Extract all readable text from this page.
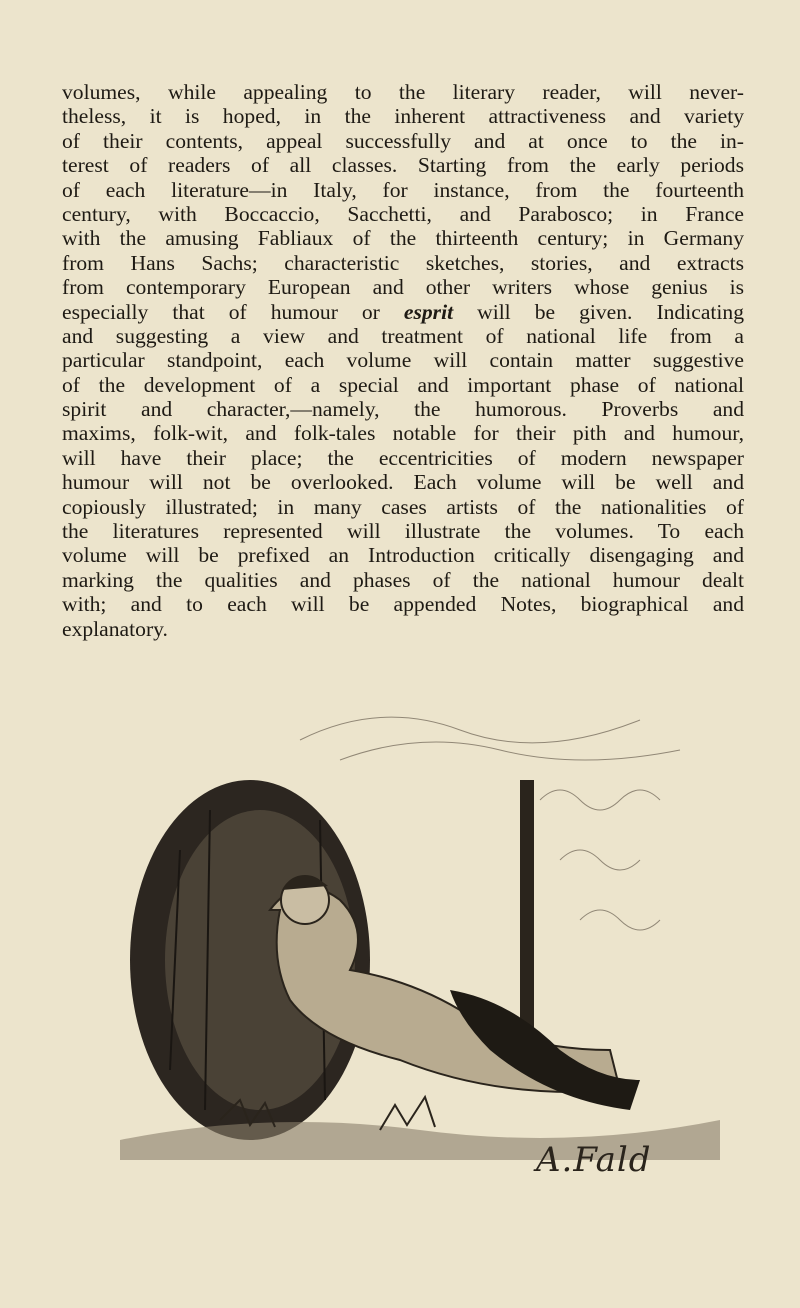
volumes, while appealing to the literary reader, will never-
theless, it is hoped, in the inherent attractiveness and variety
of their contents, appeal successfully and at once to the in-
terest of readers of all classes. Starting from the early periods
of each literature—in Italy, for instance, from the fourteenth
century, with Boccaccio, Sacchetti, and Parabosco; in France
with the amusing Fabliaux of the thirteenth century; in Germany
from Hans Sachs; characteristic sketches, stories, and extracts
from contemporary European and other writers whose genius is
especially that of humour or esprit will be given. Indicating
and suggesting a view and treatment of national life from a
particular standpoint, each volume will contain matter suggestive
of the development of a special and important phase of national
spirit and character,—namely, the humorous. Proverbs and
maxims, folk-wit, and folk-tales notable for their pith and humour,
will have their place; the eccentricities of modern newspaper
humour will not be overlooked. Each volume will be well and
copiously illustrated; in many cases artists of the nationalities of
the literatures represented will illustrate the volumes. To each
volume will be prefixed an Introduction critically disengaging and
marking the qualities and phases of the national humour dealt
with; and to each will be appended Notes, biographical and
explanatory.
A.Fald
